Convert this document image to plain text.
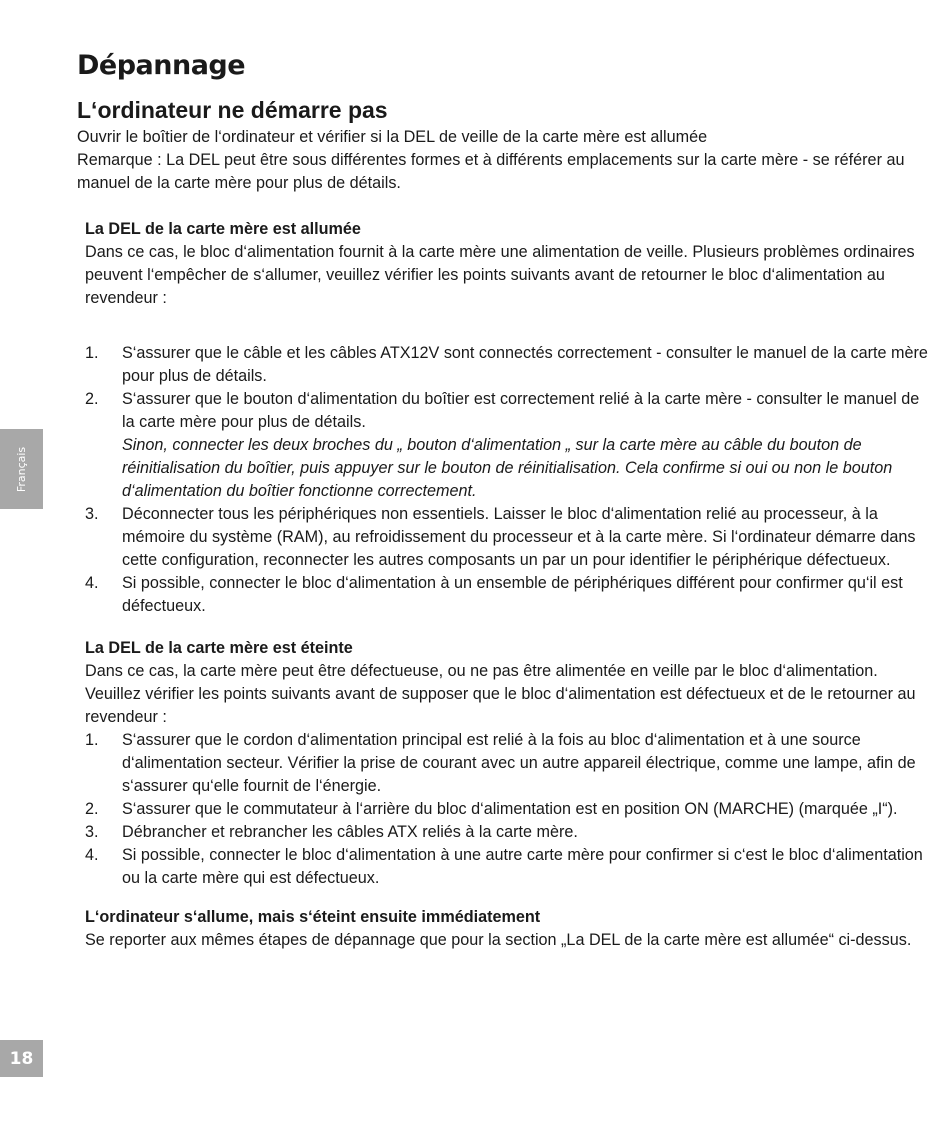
Dépannage
L‘ordinateur ne démarre pas

Ouvrir le boîtier de l‘ordinateur et vérifier si la DEL de veille de la carte mère est allumée

Remarque : La DEL peut être sous différentes formes et à différents emplacements sur la carte mère - se référer au manuel de la carte mère pour plus de détails.

La DEL de la carte mère est allumée

Dans ce cas, le bloc d‘alimentation fournit à la carte mère une alimentation de veille. Plusieurs problèmes ordinaires peuvent l‘empêcher de s‘allumer, veuillez vérifier les points suivants avant de retourner le bloc d‘alimentation au revendeur :

1. S‘assurer que le câble et les câbles ATX12V sont connectés correctement - consulter le manuel de la carte mère pour plus de détails.
2. S‘assurer que le bouton d‘alimentation du boîtier est correctement relié à la carte mère - consulter le manuel de la carte mère pour plus de détails.
Sinon, connecter les deux broches du „ bouton d‘alimentation „ sur la carte mère au câble du bouton de réinitialisation du boîtier, puis appuyer sur le bouton de réinitialisation. Cela confirme si oui ou non le bouton d‘alimentation du boîtier fonctionne correctement.
3. Déconnecter tous les périphériques non essentiels. Laisser le bloc d‘alimentation relié au processeur, à la mémoire du système (RAM), au refroidissement du processeur et à la carte mère. Si l‘ordinateur démarre dans cette configuration, reconnecter les autres composants un par un pour identifier le périphérique défectueux.
4. Si possible, connecter le bloc d‘alimentation à un ensemble de périphériques différent pour confirmer qu‘il est défectueux.
La DEL de la carte mère est éteinte

Dans ce cas, la carte mère peut être défectueuse, ou ne pas être alimentée en veille par le bloc d‘alimentation. Veuillez vérifier les points suivants avant de supposer que le bloc d‘alimentation est défectueux et de le retourner au revendeur :

1. S‘assurer que le cordon d‘alimentation principal est relié à la fois au bloc d‘alimentation et à une source d‘alimentation secteur. Vérifier la prise de courant avec un autre appareil électrique, comme une lampe, afin de s‘assurer qu‘elle fournit de l‘énergie.
2. S‘assurer que le commutateur à l‘arrière du bloc d‘alimentation est en position ON (MARCHE) (marquée „I“).
3. Débrancher et rebrancher les câbles ATX reliés à la carte mère.
4. Si possible, connecter le bloc d‘alimentation à une autre carte mère pour confirmer si c‘est le bloc d‘alimentation ou la carte mère qui est défectueux.
L‘ordinateur s‘allume, mais s‘éteint ensuite immédiatement

Se reporter aux mêmes étapes de dépannage que pour la section „La DEL de la carte mère est allumée“ ci-dessus.

Français
18
